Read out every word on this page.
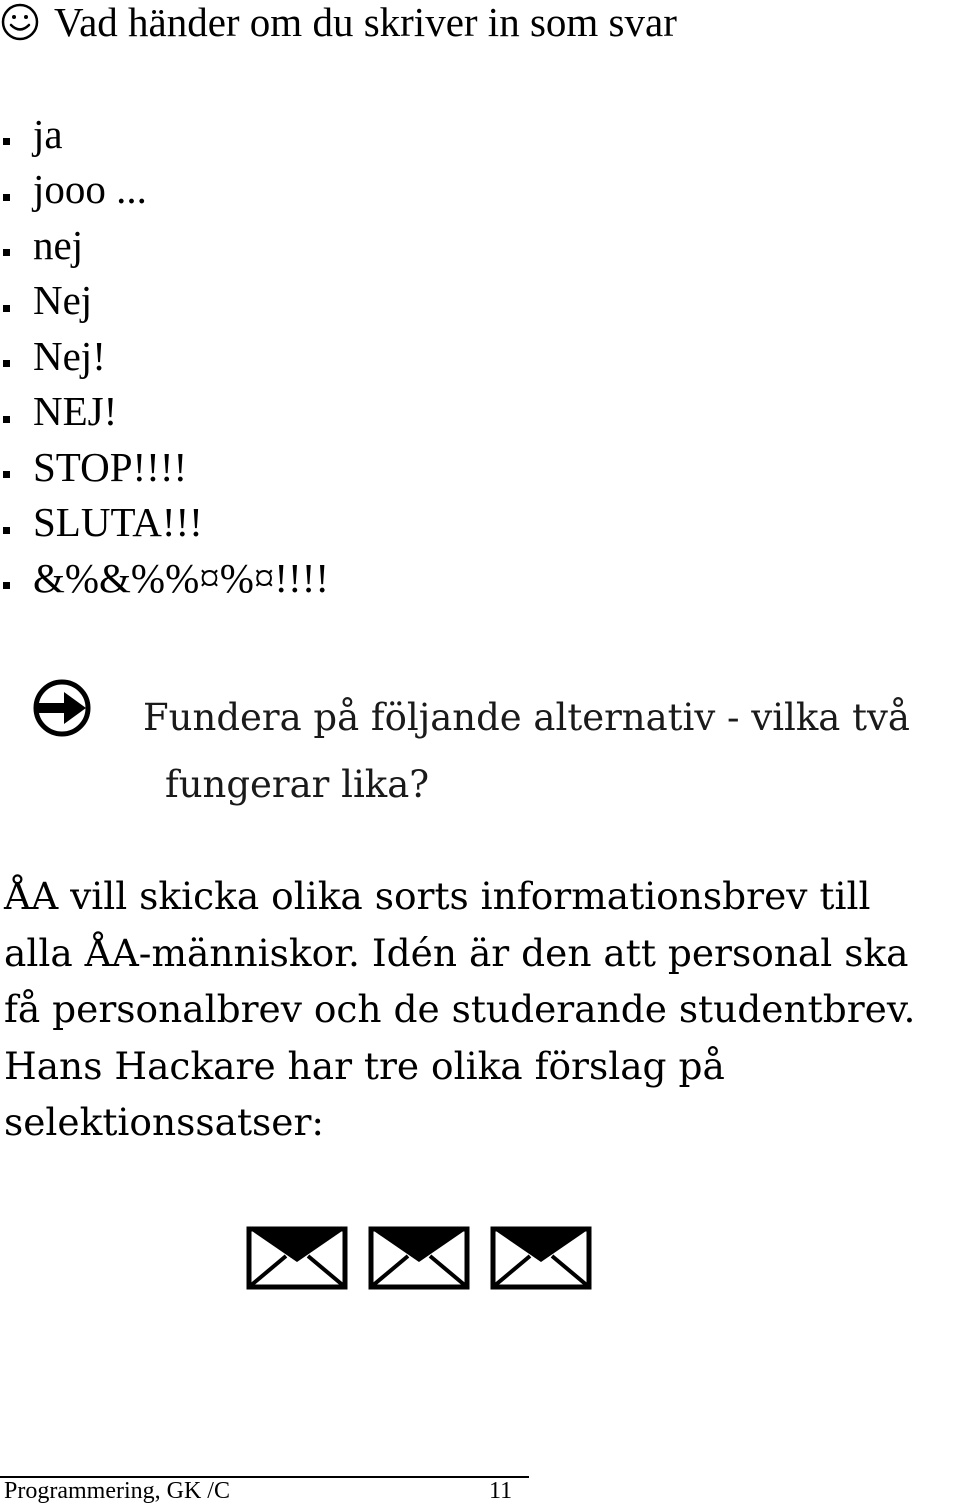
Vad händer om du skriver in som svar
ja
jooo ...
nej
Nej
Nej!
NEJ!
STOP!!!!
SLUTA!!!
&%&%%¤%¤!!!!
Fundera på följande alternativ - vilka två
fungerar lika?

ÅA vill skicka olika sorts informationsbrev till
alla ÅA-människor. Idén är den att personal ska
få personalbrev och de studerande studentbrev.
Hans Hackare har tre olika förslag på
selektionssatser:

Programmering, GK /C	11
